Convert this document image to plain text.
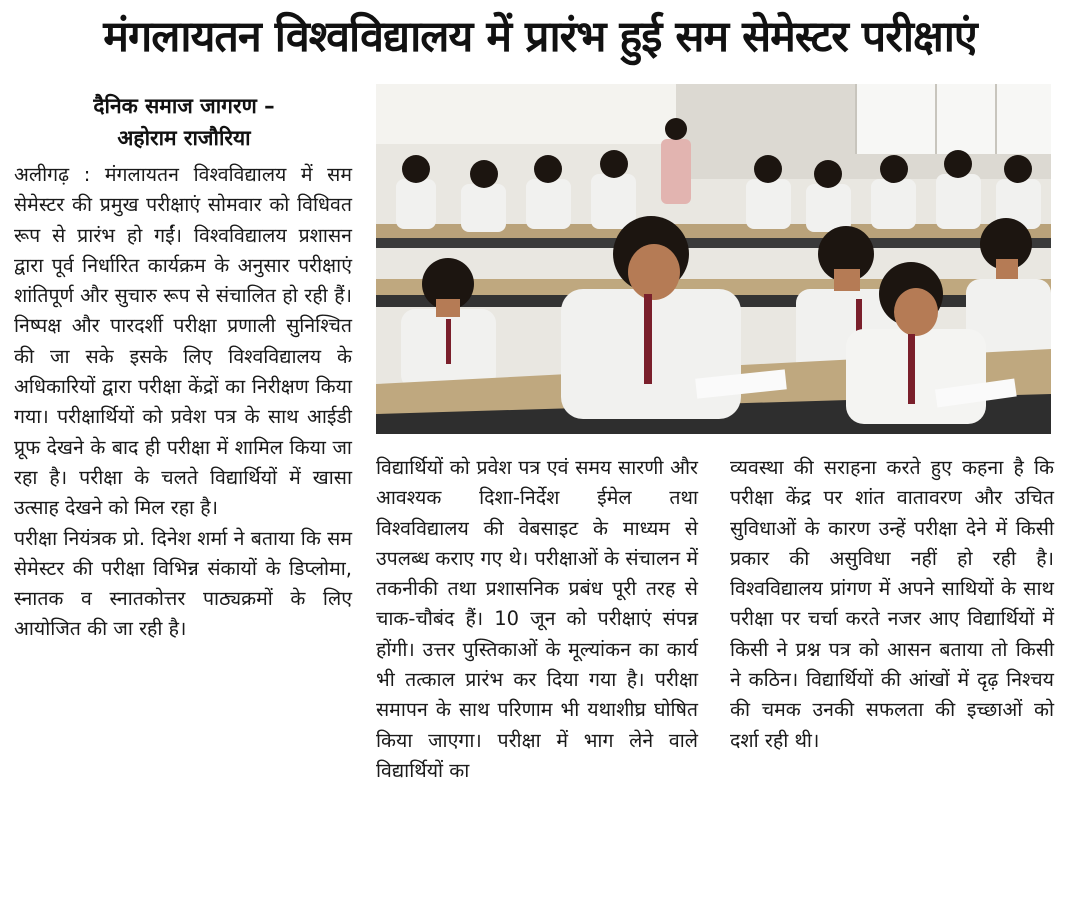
मंगलायतन विश्वविद्यालय में प्रारंभ हुई सम सेमेस्टर परीक्षाएं
दैनिक समाज जागरण –
अहोराम राजौरिया

अलीगढ़ : मंगलायतन विश्वविद्यालय में सम सेमेस्टर की प्रमुख परीक्षाएं सोमवार को विधिवत रूप से प्रारंभ हो गईं। विश्वविद्यालय प्रशासन द्वारा पूर्व निर्धारित कार्यक्रम के अनुसार परीक्षाएं शांतिपूर्ण और सुचारु रूप से संचालित हो रही हैं। निष्पक्ष और पारदर्शी परीक्षा प्रणाली सुनिश्चित की जा सके इसके लिए विश्वविद्यालय के अधिकारियों द्वारा परीक्षा केंद्रों का निरीक्षण किया गया। परीक्षार्थियों को प्रवेश पत्र के साथ आईडी प्रूफ देखने के बाद ही परीक्षा में शामिल किया जा रहा है। परीक्षा के चलते विद्यार्थियों में खासा उत्साह देखने को मिल रहा है।

परीक्षा नियंत्रक प्रो. दिनेश शर्मा ने बताया कि सम सेमेस्टर की परीक्षा विभिन्न संकायों के डिप्लोमा, स्नातक व स्नातकोत्तर पाठ्यक्रमों के लिए आयोजित की जा रही है।

विद्यार्थियों को प्रवेश पत्र एवं समय सारणी और आवश्यक दिशा-निर्देश ईमेल तथा विश्वविद्यालय की वेबसाइट के माध्यम से उपलब्ध कराए गए थे। परीक्षाओं के संचालन में तकनीकी तथा प्रशासनिक प्रबंध पूरी तरह से चाक-चौबंद हैं। 10 जून को परीक्षाएं संपन्न होंगी। उत्तर पुस्तिकाओं के मूल्यांकन का कार्य भी तत्काल प्रारंभ कर दिया गया है। परीक्षा समापन के साथ परिणाम भी यथाशीघ्र घोषित किया जाएगा। परीक्षा में भाग लेने वाले विद्यार्थियों का
व्यवस्था की सराहना करते हुए कहना है कि परीक्षा केंद्र पर शांत वातावरण और उचित सुविधाओं के कारण उन्हें परीक्षा देने में किसी प्रकार की असुविधा नहीं हो रही है। विश्वविद्यालय प्रांगण में अपने साथियों के साथ परीक्षा पर चर्चा करते नजर आए विद्यार्थियों में किसी ने प्रश्न पत्र को आसन बताया तो किसी ने कठिन। विद्यार्थियों की आंखों में दृढ़ निश्चय की चमक उनकी सफलता की इच्छाओं को दर्शा रही थी।
